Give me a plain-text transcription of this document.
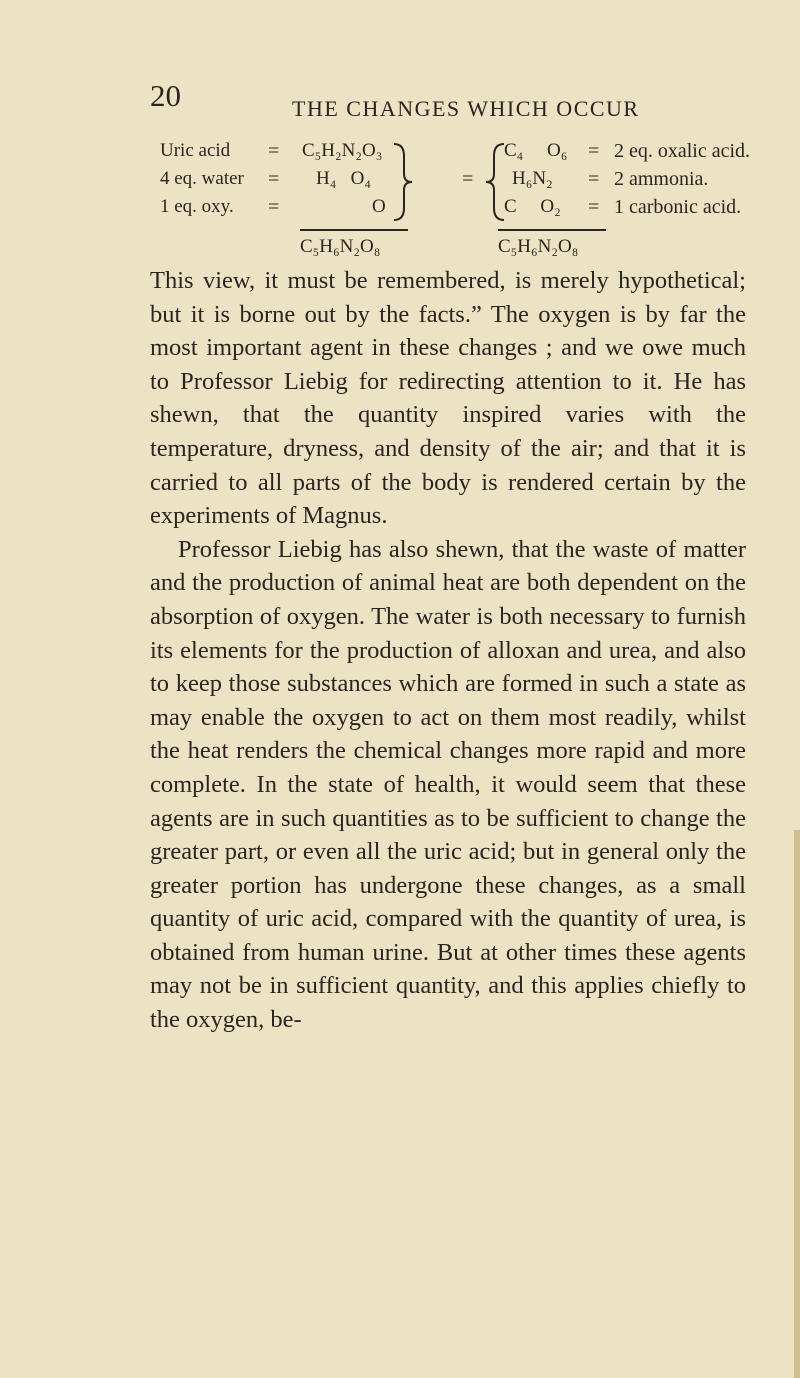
20	THE CHANGES WHICH OCCUR
Uric acid = C₅H₂N₂O₃	C₄     O₆ = 2 eq. oxalic acid.
4 eq. water = H₄   O₄	= H₆N₂ = 2 ammonia.
1 eq. oxy. =	O	C     O₂ = 1 carbonic acid.
C₅H₆N₂O₈	C₅H₆N₂O₈

This view, it must be remembered, is merely hypothetical; but it is borne out by the facts.” The oxygen is by far the most important agent in these changes ; and we owe much to Professor Liebig for redirecting attention to it. He has shewn, that the quantity inspired varies with the temperature, dryness, and density of the air; and that it is carried to all parts of the body is rendered certain by the experiments of Magnus.

Professor Liebig has also shewn, that the waste of matter and the production of animal heat are both dependent on the absorption of oxygen. The water is both necessary to furnish its elements for the production of alloxan and urea, and also to keep those substances which are formed in such a state as may enable the oxygen to act on them most readily, whilst the heat renders the chemical changes more rapid and more complete. In the state of health, it would seem that these agents are in such quantities as to be sufficient to change the greater part, or even all the uric acid; but in general only the greater portion has undergone these changes, as a small quantity of uric acid, compared with the quantity of urea, is obtained from human urine. But at other times these agents may not be in sufficient quantity, and this applies chiefly to the oxygen, be-
